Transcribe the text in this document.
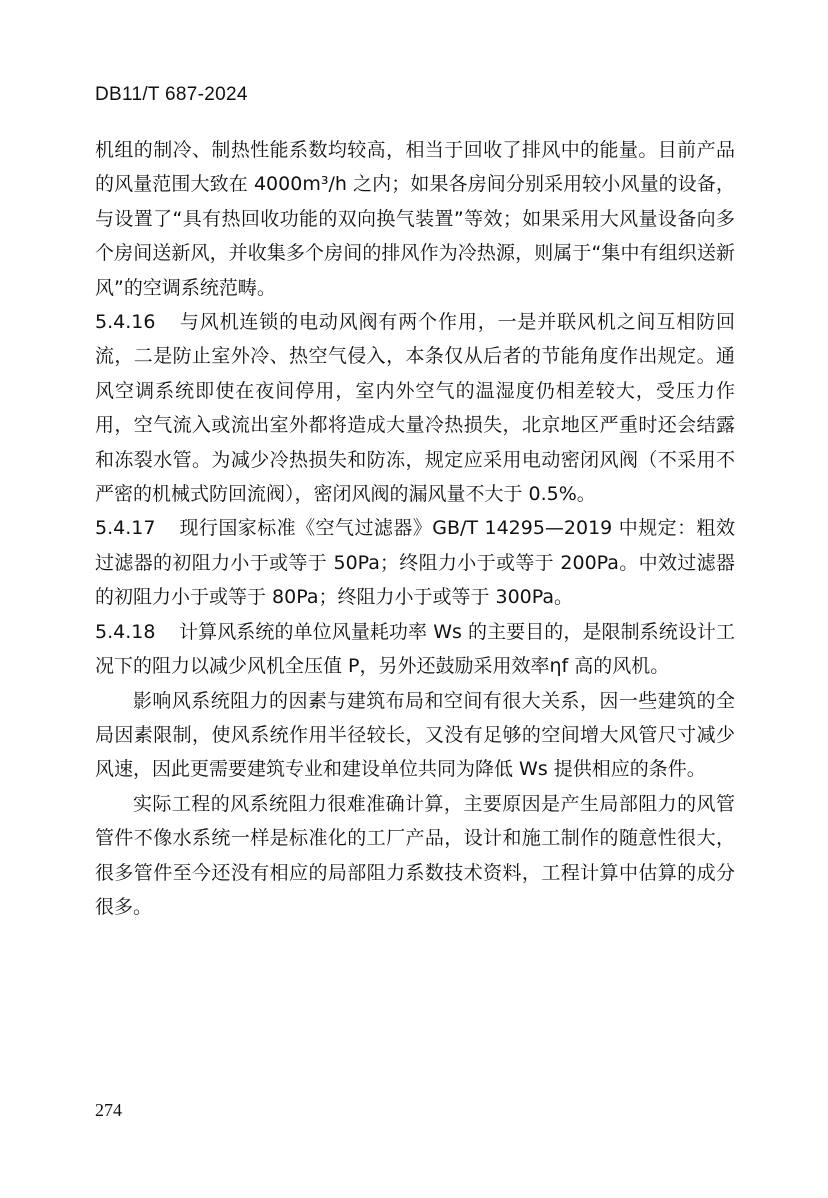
DB11/T 687-2024

机组的制冷、制热性能系数均较高，相当于回收了排风中的能量。目前产品的风量范围大致在 4000m³/h 之内；如果各房间分别采用较小风量的设备，与设置了“具有热回收功能的双向换气装置”等效；如果采用大风量设备向多个房间送新风，并收集多个房间的排风作为冷热源，则属于“集中有组织送新风”的空调系统范畴。

5.4.16 与风机连锁的电动风阀有两个作用，一是并联风机之间互相防回流，二是防止室外冷、热空气侵入，本条仅从后者的节能角度作出规定。通风空调系统即使在夜间停用，室内外空气的温湿度仍相差较大，受压力作用，空气流入或流出室外都将造成大量冷热损失，北京地区严重时还会结露和冻裂水管。为减少冷热损失和防冻，规定应采用电动密闭风阀（不采用不严密的机械式防回流阀），密闭风阀的漏风量不大于 0.5%。

5.4.17 现行国家标准《空气过滤器》GB/T 14295—2019 中规定：粗效过滤器的初阻力小于或等于 50Pa；终阻力小于或等于 200Pa。中效过滤器的初阻力小于或等于 80Pa；终阻力小于或等于 300Pa。

5.4.18 计算风系统的单位风量耗功率 Ws 的主要目的，是限制系统设计工况下的阻力以减少风机全压值 P，另外还鼓励采用效率ηf 高的风机。

影响风系统阻力的因素与建筑布局和空间有很大关系，因一些建筑的全局因素限制，使风系统作用半径较长，又没有足够的空间增大风管尺寸减少风速，因此更需要建筑专业和建设单位共同为降低 Ws 提供相应的条件。

实际工程的风系统阻力很难准确计算，主要原因是产生局部阻力的风管管件不像水系统一样是标准化的工厂产品，设计和施工制作的随意性很大，很多管件至今还没有相应的局部阻力系数技术资料，工程计算中估算的成分很多。

274
